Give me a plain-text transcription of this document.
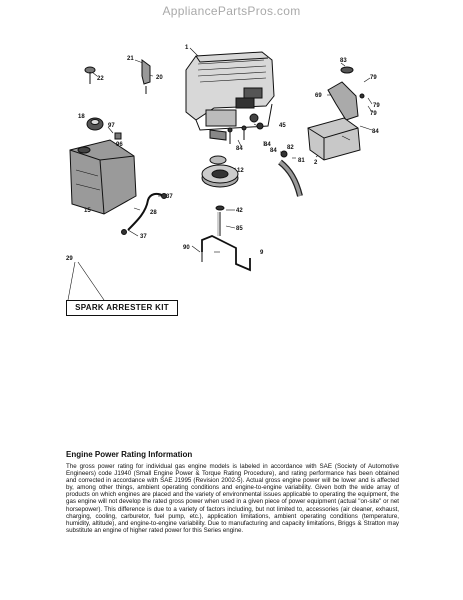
AppliancePartsPros.com
1
21
20
22
18
97
96
15
37
28
37
29
45
84
84
84
12
82
81
42
85
90
9
83
79
69
79
79
84
2
SPARK ARRESTER KIT
Engine Power Rating Information

The gross power rating for individual gas engine models is labeled in accordance with SAE (Society of Automotive Engineers) code J1940 (Small Engine Power & Torque Rating Procedure), and rating performance has been obtained and corrected in accordance with SAE J1995 (Revision 2002-5). Actual gross engine power will be lower and is affected by, among other things, ambient operating conditions and engine-to-engine variability. Given both the wide array of products on which engines are placed and the variety of environmental issues applicable to operating the equipment, the gas engine will not develop the rated gross power when used in a given piece of power equipment (actual "on-site" or net horsepower). This difference is due to a variety of factors including, but not limited to, accessories (air cleaner, exhaust, charging, cooling, carburetor, fuel pump, etc.), application limitations, ambient operating conditions (temperature, humidity, altitude), and engine-to-engine variability. Due to manufacturing and capacity limitations, Briggs & Stratton may substitute an engine of higher rated power for this Series engine.
